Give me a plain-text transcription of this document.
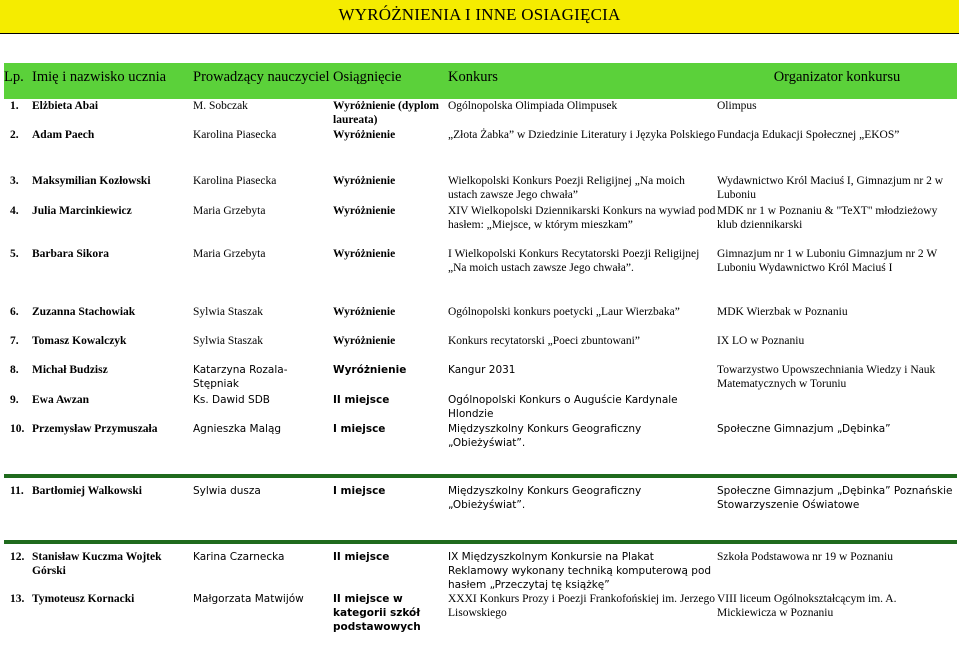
WYRÓŻNIENIA I INNE OSIAGIĘCIA
Lp.	Imię i nazwisko ucznia	Prowadzący nauczyciel	Osiągnięcie	Konkurs	Organizator konkursu
1.	Elżbieta Abai	M. Sobczak	Wyróżnienie (dyplom laureata)	Ogólnopolska Olimpiada Olimpusek	Olimpus
2.	Adam Paech	Karolina Piasecka	Wyróżnienie	„Złota Żabka” w Dziedzinie Literatury i Języka Polskiego	Fundacja Edukacji Społecznej „EKOS”
3.	Maksymilian Kozłowski	Karolina Piasecka	Wyróżnienie	Wielkopolski Konkurs Poezji Religijnej „Na moich ustach zawsze Jego chwała”	Wydawnictwo Król Maciuś I, Gimnazjum nr 2 w Luboniu
4.	Julia Marcinkiewicz	Maria Grzebyta	Wyróżnienie	XIV Wielkopolski Dziennikarski Konkurs na wywiad pod hasłem: „Miejsce, w którym mieszkam”	MDK nr 1 w Poznaniu & "TeXT" młodzieżowy klub dziennikarski
5.	Barbara Sikora	Maria Grzebyta	Wyróżnienie	I Wielkopolski Konkurs Recytatorski Poezji Religijnej „Na moich ustach zawsze Jego chwała”.	Gimnazjum nr 1 w Luboniu Gimnazjum nr 2 W Luboniu Wydawnictwo Król Maciuś I
6.	Zuzanna Stachowiak	Sylwia Staszak	Wyróżnienie	Ogólnopolski konkurs poetycki „Laur Wierzbaka”	MDK Wierzbak w Poznaniu
7.	Tomasz Kowalczyk	Sylwia Staszak	Wyróżnienie	Konkurs recytatorski „Poeci zbuntowani”	IX LO w Poznaniu
8.	Michał Budzisz	Katarzyna Rozala-Stępniak	Wyróżnienie	Kangur 2031	Towarzystwo Upowszechniania Wiedzy i Nauk Matematycznych w Toruniu
9.	Ewa Awzan	Ks. Dawid SDB	II miejsce	Ogólnopolski Konkurs o Auguście Kardynale Hlondzie	
10.	Przemysław Przymuszała	Agnieszka Maląg	I miejsce	Międzyszkolny Konkurs Geograficzny „Obieżyświat”.	Społeczne Gimnazjum „Dębinka”

11.	Bartłomiej Walkowski	Sylwia dusza	I miejsce	Międzyszkolny Konkurs Geograficzny „Obieżyświat”.	Społeczne Gimnazjum „Dębinka” Poznańskie Stowarzyszenie Oświatowe

12.	Stanisław Kuczma Wojtek Górski	Karina Czarnecka	II miejsce	IX Międzyszkolnym Konkursie na Plakat Reklamowy wykonany techniką komputerową pod hasłem „Przeczytaj tę książkę”	Szkoła Podstawowa nr 19 w Poznaniu
13.	Tymoteusz Kornacki	Małgorzata Matwijów	II miejsce w kategorii szkół podstawowych	XXXI Konkurs Prozy i Poezji Frankofońskiej im. Jerzego Lisowskiego	VIII liceum Ogólnokształcącym im. A. Mickiewicza w Poznaniu
